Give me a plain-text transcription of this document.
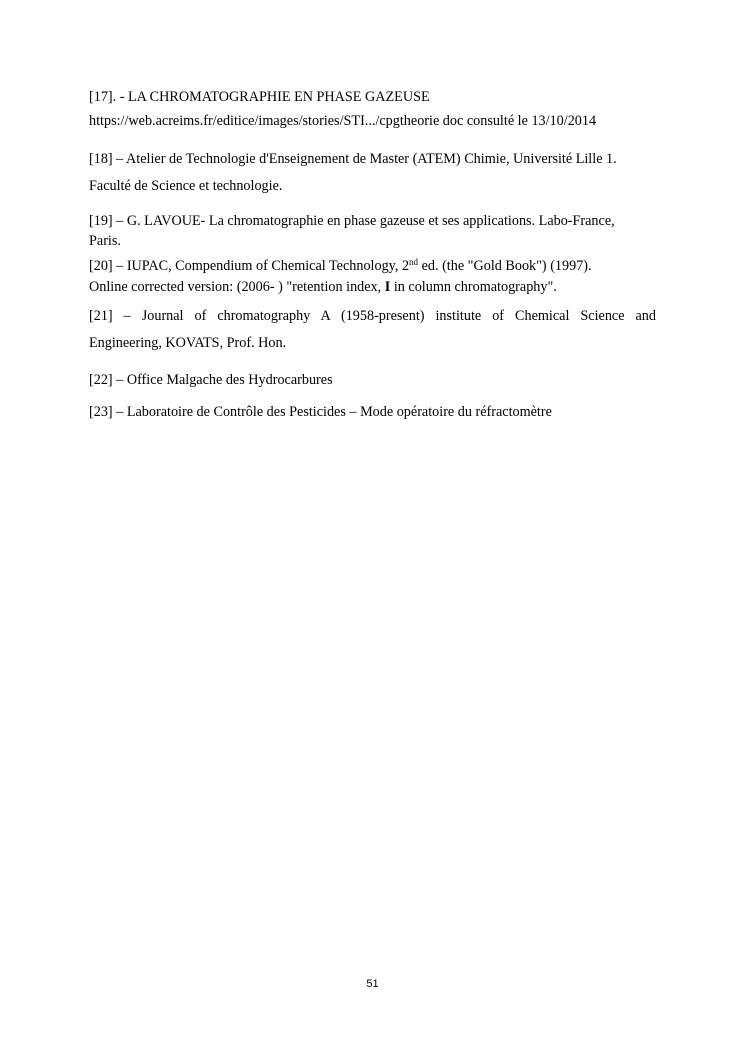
[17]. - LA CHROMATOGRAPHIE EN PHASE GAZEUSE

https://web.acreims.fr/editice/images/stories/STI.../cpgtheorie doc consulté le 13/10/2014

[18] – Atelier de Technologie d'Enseignement de Master (ATEM) Chimie, Université Lille 1.

Faculté de Science et technologie.

[19] – G. LAVOUE- La chromatographie en phase gazeuse et ses applications. Labo-France,

Paris.

[20] – IUPAC, Compendium of Chemical Technology, 2nd ed. (the "Gold Book") (1997).

Online corrected version: (2006- ) "retention index, I in column chromatography".

[21] – Journal of chromatography A (1958-present) institute of Chemical Science and

Engineering, KOVATS, Prof. Hon.

[22] – Office Malgache des Hydrocarbures

[23] – Laboratoire de Contrôle des Pesticides – Mode opératoire du réfractomètre

51
